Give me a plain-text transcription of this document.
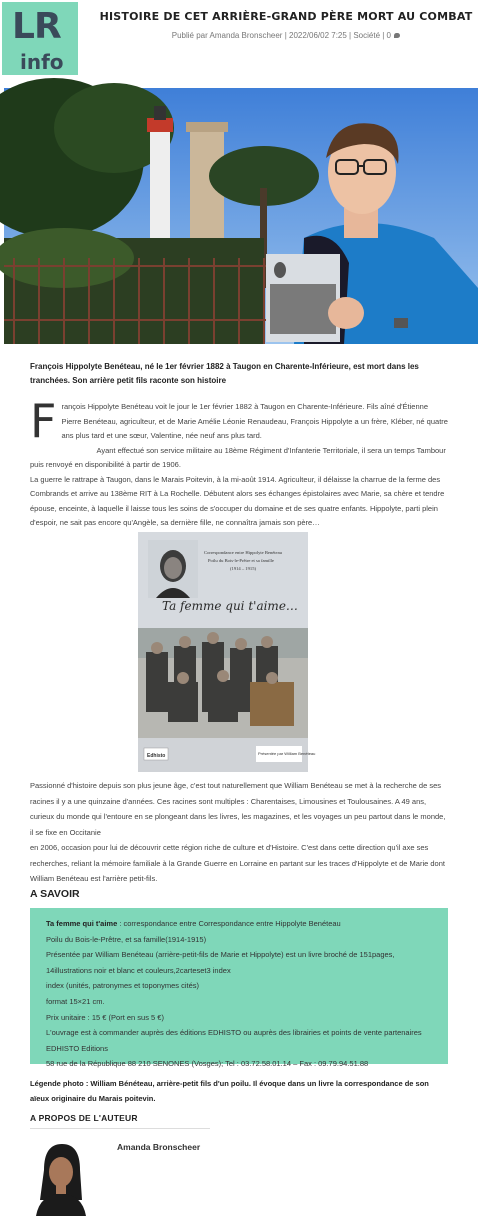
LR
info
HISTOIRE DE CET ARRIÈRE-GRAND PÈRE MORT AU COMBAT
Publié par Amanda Bronscheer | 2022/06/02 7:25 | Société | 0

François Hippolyte Benéteau, né le 1er février 1882 à Taugon en Charente-Inférieure, est mort dans les tranchées. Son arrière petit fils raconte son histoire

F rançois Hippolyte Benéteau voit le jour le 1er février 1882 à Taugon en Charente-Inférieure. Fils aîné d'Étienne Pierre Benéteau, agriculteur, et de Marie Amélie Léonie Renaudeau, François Hippolyte a un frère, Kléber, né quatre ans plus tard et une sœur, Valentine, née neuf ans plus tard.

Ayant effectué son service militaire au 18ème Régiment d'Infanterie Territoriale, il sera un temps Tambour puis renvoyé en disponibilité à partir de 1906.

La guerre le rattrape à Taugon, dans le Marais Poitevin, à la mi-août 1914. Agriculteur, il délaisse la charrue de la ferme des Combrands et arrive au 138ème RIT à La Rochelle. Débutent alors ses échanges épistolaires avec Marie, sa chère et tendre épouse, enceinte, à laquelle il laisse tous les soins de s'occuper du domaine et de ses quatre enfants. Hippolyte, parti plein d'espoir, ne sait pas encore qu'Angèle, sa dernière fille, ne connaîtra jamais son père…

Correspondance entre Hippolyte Benéteau
Poilu du Bois-le-Prêtre et sa famille
(1914 – 1915)
Ta femme qui t'aime…
Edhisto	Présentée par William Benéteau

Passionné d'histoire depuis son plus jeune âge, c'est tout naturellement que William Benéteau se met à la recherche de ses racines il y a une quinzaine d'années. Ces racines sont multiples : Charentaises, Limousines et Toulousaines. A 49 ans, curieux du monde qui l'entoure en se plongeant dans les livres, les magazines, et les voyages un peu partout dans le monde, il se fixe en Occitanie

en 2006, occasion pour lui de découvrir cette région riche de culture et d'Histoire. C'est dans cette direction qu'il axe ses recherches, reliant la mémoire familiale à la Grande Guerre en Lorraine en partant sur les traces d'Hippolyte et de Marie dont William Benéteau est l'arrière petit-fils.

A SAVOIR
Ta femme qui t'aime : correspondance entre Correspondance entre Hippolyte Benéteau
Poilu du Bois-le-Prêtre, et sa famille(1914-1915)
Présentée par William Benéteau (arrière-petit-fils de Marie et Hippolyte) est un livre broché de 151pages,
14illustrations noir et blanc et couleurs,2carteset3 index
index (unités, patronymes et toponymes cités)
format 15×21 cm.
Prix unitaire : 15 € (Port en sus 5 €)
L'ouvrage est à commander auprès des éditions EDHISTO ou auprès des librairies et points de vente partenaires
EDHISTO Editions
58 rue de la République 88 210 SENONES (Vosges); Tel : 03.72.58.01.14 – Fax : 09.79.94.51.88

Légende photo : William Bénéteau, arrière-petit fils d'un poilu. Il évoque dans un livre la correspondance de son aïeux originaire du Marais poitevin.

A PROPOS DE L'AUTEUR
Amanda Bronscheer
